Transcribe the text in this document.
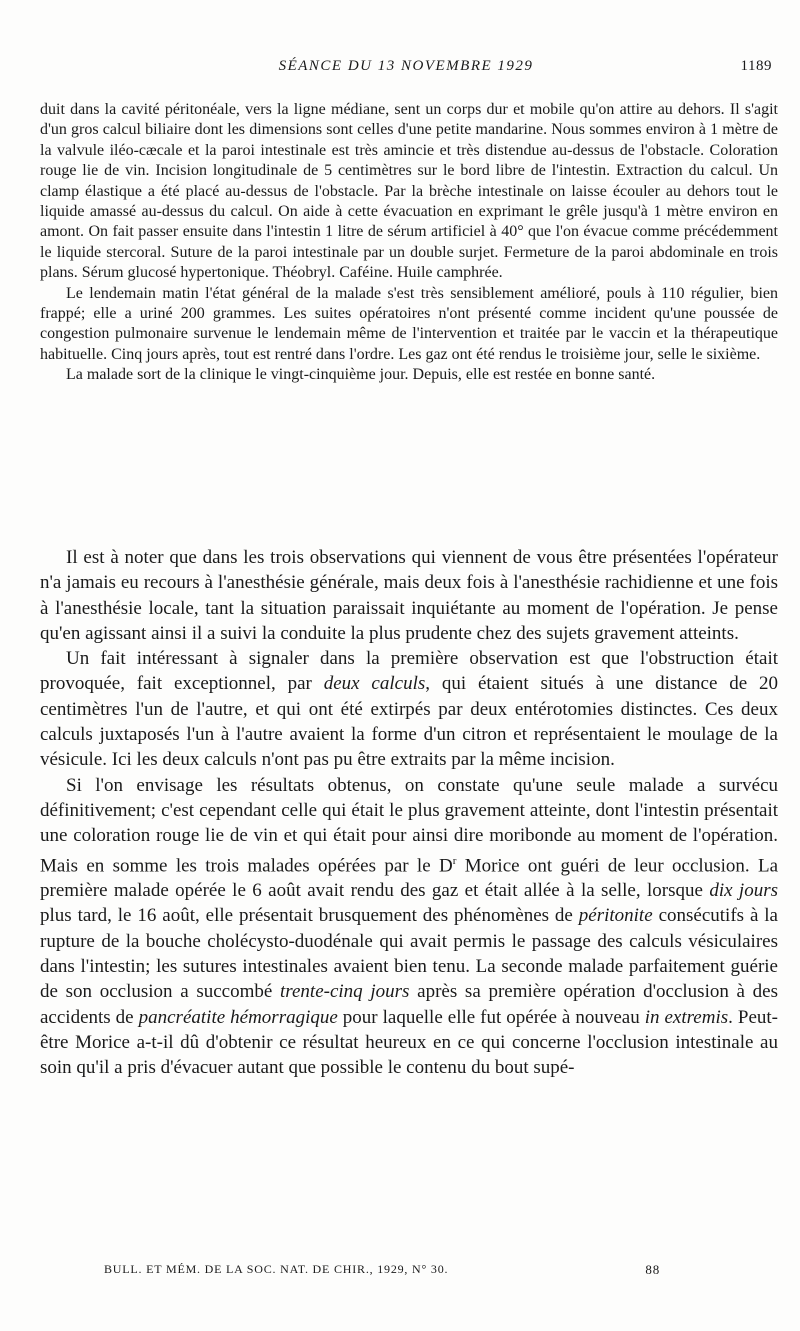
SÉANCE DU 13 NOVEMBRE 1929	1189

duit dans la cavité péritonéale, vers la ligne médiane, sent un corps dur et mobile qu'on attire au dehors. Il s'agit d'un gros calcul biliaire dont les dimensions sont celles d'une petite mandarine. Nous sommes environ à 1 mètre de la valvule iléo-cæcale et la paroi intestinale est très amincie et très distendue au-dessus de l'obstacle. Coloration rouge lie de vin. Incision longitudinale de 5 centimètres sur le bord libre de l'intestin. Extraction du calcul. Un clamp élastique a été placé au-dessus de l'obstacle. Par la brèche intestinale on laisse écouler au dehors tout le liquide amassé au-dessus du calcul. On aide à cette évacuation en exprimant le grêle jusqu'à 1 mètre environ en amont. On fait passer ensuite dans l'intestin 1 litre de sérum artificiel à 40° que l'on évacue comme précédemment le liquide stercoral. Suture de la paroi intestinale par un double surjet. Fermeture de la paroi abdominale en trois plans. Sérum glucosé hypertonique. Théobryl. Caféine. Huile camphrée.

Le lendemain matin l'état général de la malade s'est très sensiblement amélioré, pouls à 110 régulier, bien frappé; elle a uriné 200 grammes. Les suites opératoires n'ont présenté comme incident qu'une poussée de congestion pulmonaire survenue le lendemain même de l'intervention et traitée par le vaccin et la thérapeutique habituelle. Cinq jours après, tout est rentré dans l'ordre. Les gaz ont été rendus le troisième jour, selle le sixième.

La malade sort de la clinique le vingt-cinquième jour. Depuis, elle est restée en bonne santé.

Il est à noter que dans les trois observations qui viennent de vous être présentées l'opérateur n'a jamais eu recours à l'anesthésie générale, mais deux fois à l'anesthésie rachidienne et une fois à l'anesthésie locale, tant la situation paraissait inquiétante au moment de l'opération. Je pense qu'en agissant ainsi il a suivi la conduite la plus prudente chez des sujets gravement atteints.

Un fait intéressant à signaler dans la première observation est que l'obstruction était provoquée, fait exceptionnel, par deux calculs, qui étaient situés à une distance de 20 centimètres l'un de l'autre, et qui ont été extirpés par deux entérotomies distinctes. Ces deux calculs juxtaposés l'un à l'autre avaient la forme d'un citron et représentaient le moulage de la vésicule. Ici les deux calculs n'ont pas pu être extraits par la même incision.

Si l'on envisage les résultats obtenus, on constate qu'une seule malade a survécu définitivement; c'est cependant celle qui était le plus gravement atteinte, dont l'intestin présentait une coloration rouge lie de vin et qui était pour ainsi dire moribonde au moment de l'opération. Mais en somme les trois malades opérées par le $D^r$ Morice ont guéri de leur occlusion. La première malade opérée le 6 août avait rendu des gaz et était allée à la selle, lorsque dix jours plus tard, le 16 août, elle présentait brusquement des phénomènes de péritonite consécutifs à la rupture de la bouche cholécysto-duodénale qui avait permis le passage des calculs vésiculaires dans l'intestin; les sutures intestinales avaient bien tenu. La seconde malade parfaitement guérie de son occlusion a succombé trente-cinq jours après sa première opération d'occlusion à des accidents de pancréatite hémorragique pour laquelle elle fut opérée à nouveau in extremis. Peut-être Morice a-t-il dû d'obtenir ce résultat heureux en ce qui concerne l'occlusion intestinale au soin qu'il a pris d'évacuer autant que possible le contenu du bout supé-

BULL. ET MÉM. DE LA SOC. NAT. DE CHIR., 1929, N° 30.	88
